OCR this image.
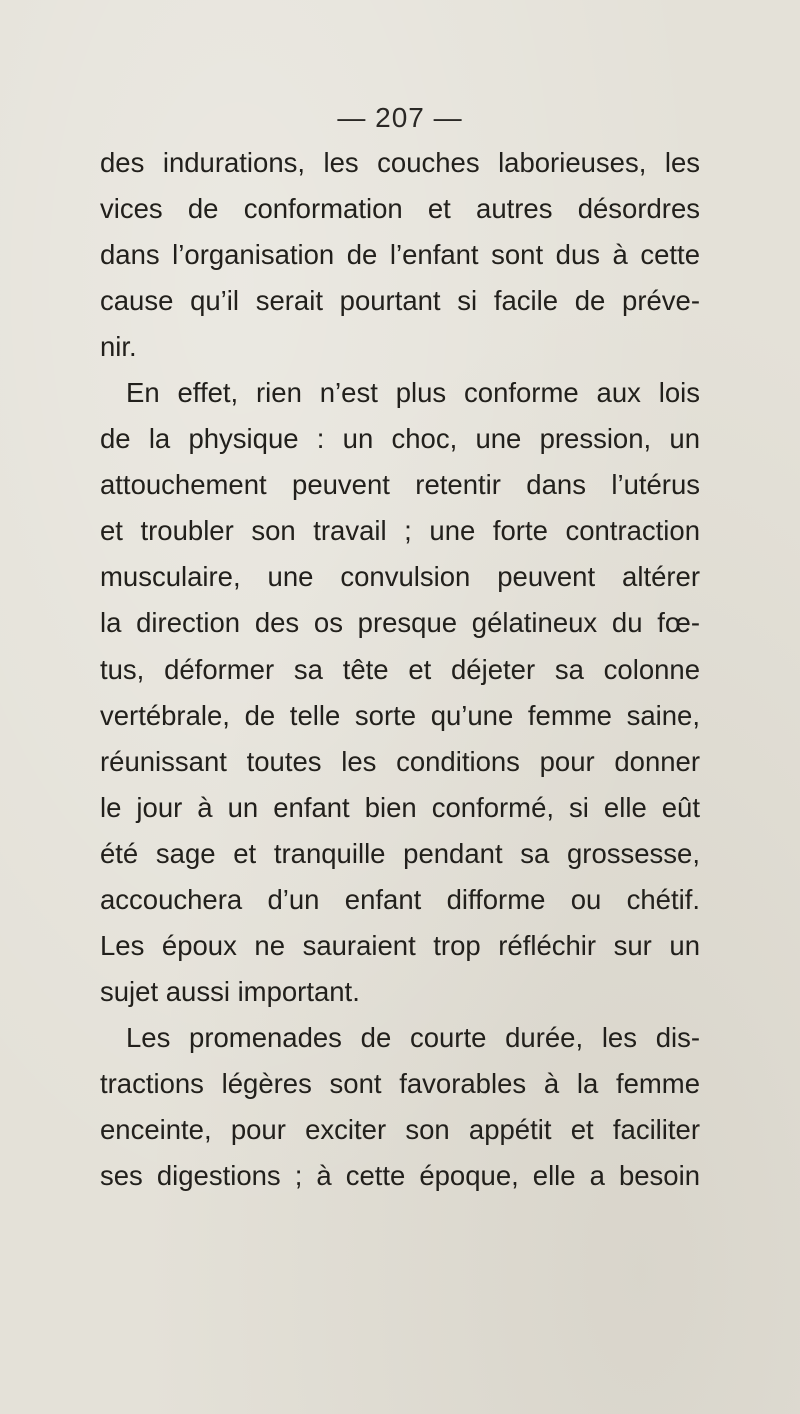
— 207 —
des indurations, les couches laborieuses, les
vices de conformation et autres désordres
dans l’organisation de l’enfant sont dus à cette
cause qu’il serait pourtant si facile de préve-
nir.
En effet, rien n’est plus conforme aux lois
de la physique : un choc, une pression, un
attouchement peuvent retentir dans l’utérus
et troubler son travail ; une forte contraction
musculaire, une convulsion peuvent altérer
la direction des os presque gélatineux du fœ-
tus, déformer sa tête et déjeter sa colonne
vertébrale, de telle sorte qu’une femme saine,
réunissant toutes les conditions pour donner
le jour à un enfant bien conformé, si elle eût
été sage et tranquille pendant sa grossesse,
accouchera d’un enfant difforme ou chétif.
Les époux ne sauraient trop réfléchir sur un
sujet aussi important.
Les promenades de courte durée, les dis-
tractions légères sont favorables à la femme
enceinte, pour exciter son appétit et faciliter
ses digestions ; à cette époque, elle a besoin
